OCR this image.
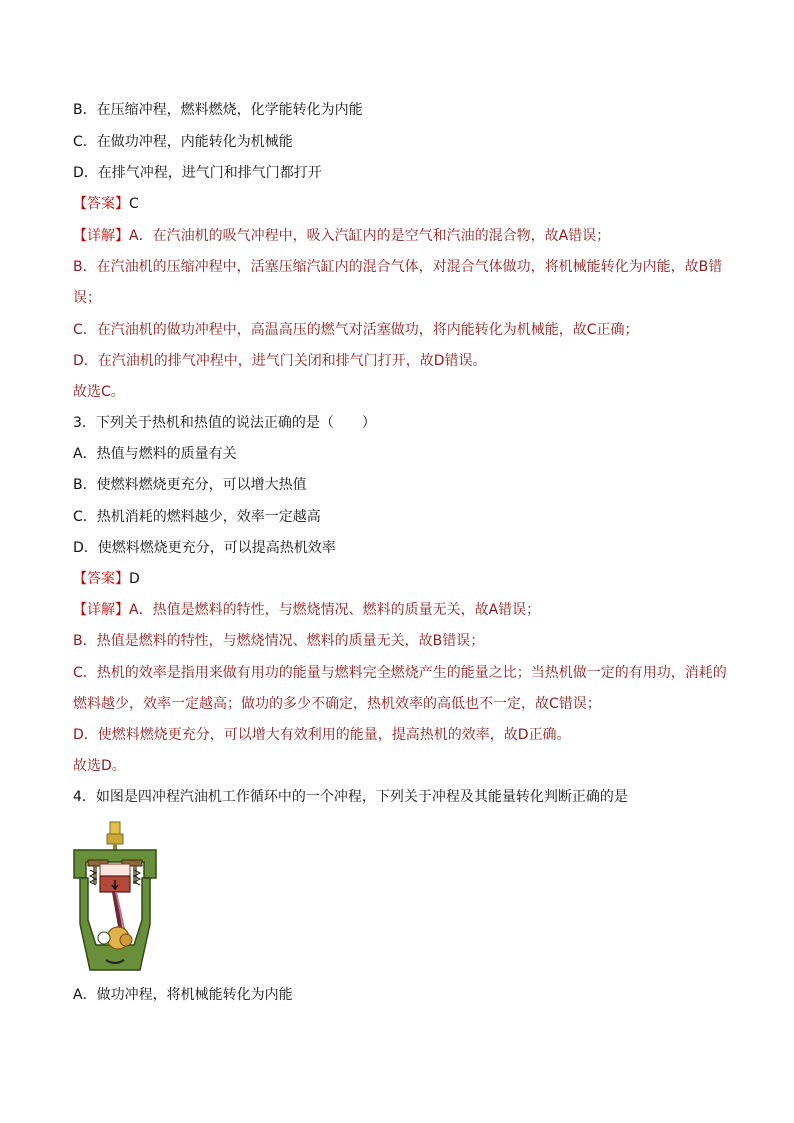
B．在压缩冲程，燃料燃烧，化学能转化为内能
C．在做功冲程，内能转化为机械能
D．在排气冲程，进气门和排气门都打开
【答案】C
【详解】A．在汽油机的吸气冲程中，吸入汽缸内的是空气和汽油的混合物，故A错误；
B．在汽油机的压缩冲程中，活塞压缩汽缸内的混合气体，对混合气体做功，将机械能转化为内能，故B错
误；
C．在汽油机的做功冲程中，高温高压的燃气对活塞做功，将内能转化为机械能，故C正确；
D．在汽油机的排气冲程中，进气门关闭和排气门打开，故D错误。
故选C。
3．下列关于热机和热值的说法正确的是（　　）
A．热值与燃料的质量有关
B．使燃料燃烧更充分，可以增大热值
C．热机消耗的燃料越少，效率一定越高
D．使燃料燃烧更充分，可以提高热机效率
【答案】D
【详解】A．热值是燃料的特性，与燃烧情况、燃料的质量无关，故A错误；
B．热值是燃料的特性，与燃烧情况、燃料的质量无关，故B错误；
C．热机的效率是指用来做有用功的能量与燃料完全燃烧产生的能量之比；当热机做一定的有用功，消耗的
燃料越少，效率一定越高；做功的多少不确定，热机效率的高低也不一定，故C错误；
D．使燃料燃烧更充分，可以增大有效利用的能量，提高热机的效率，故D正确。
故选D。
4．如图是四冲程汽油机工作循环中的一个冲程，下列关于冲程及其能量转化判断正确的是
A．做功冲程，将机械能转化为内能
